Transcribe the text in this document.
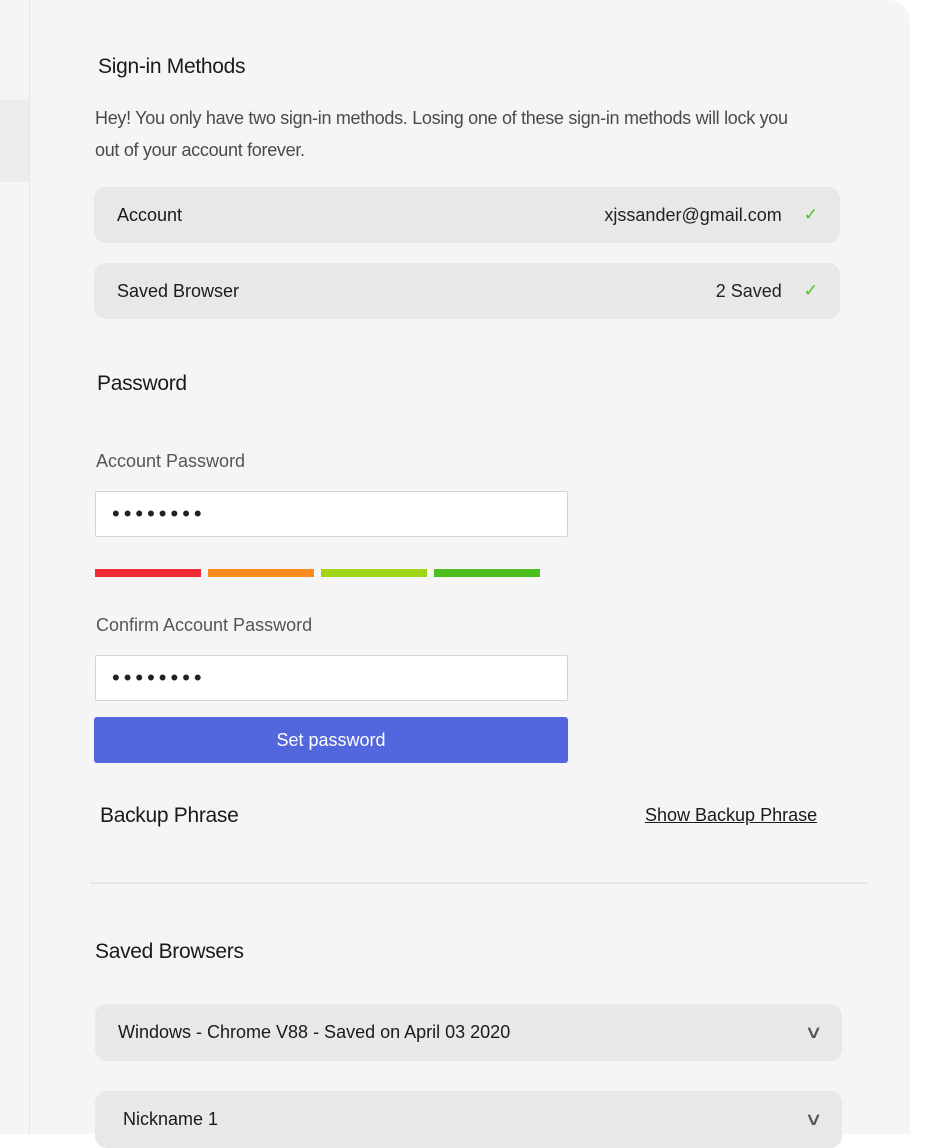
Sign-in Methods
Hey! You only have two sign-in methods. Losing one of these sign-in methods will lock you out of your account forever.
Account	xjssander@gmail.com ✓
Saved Browser	2 Saved ✓
Password
Account Password
••••••••
Confirm Account Password
••••••••
Set password
Backup Phrase	Show Backup Phrase
Saved Browsers
Windows - Chrome V88 - Saved on April 03 2020	∨
Nickname 1	∨
